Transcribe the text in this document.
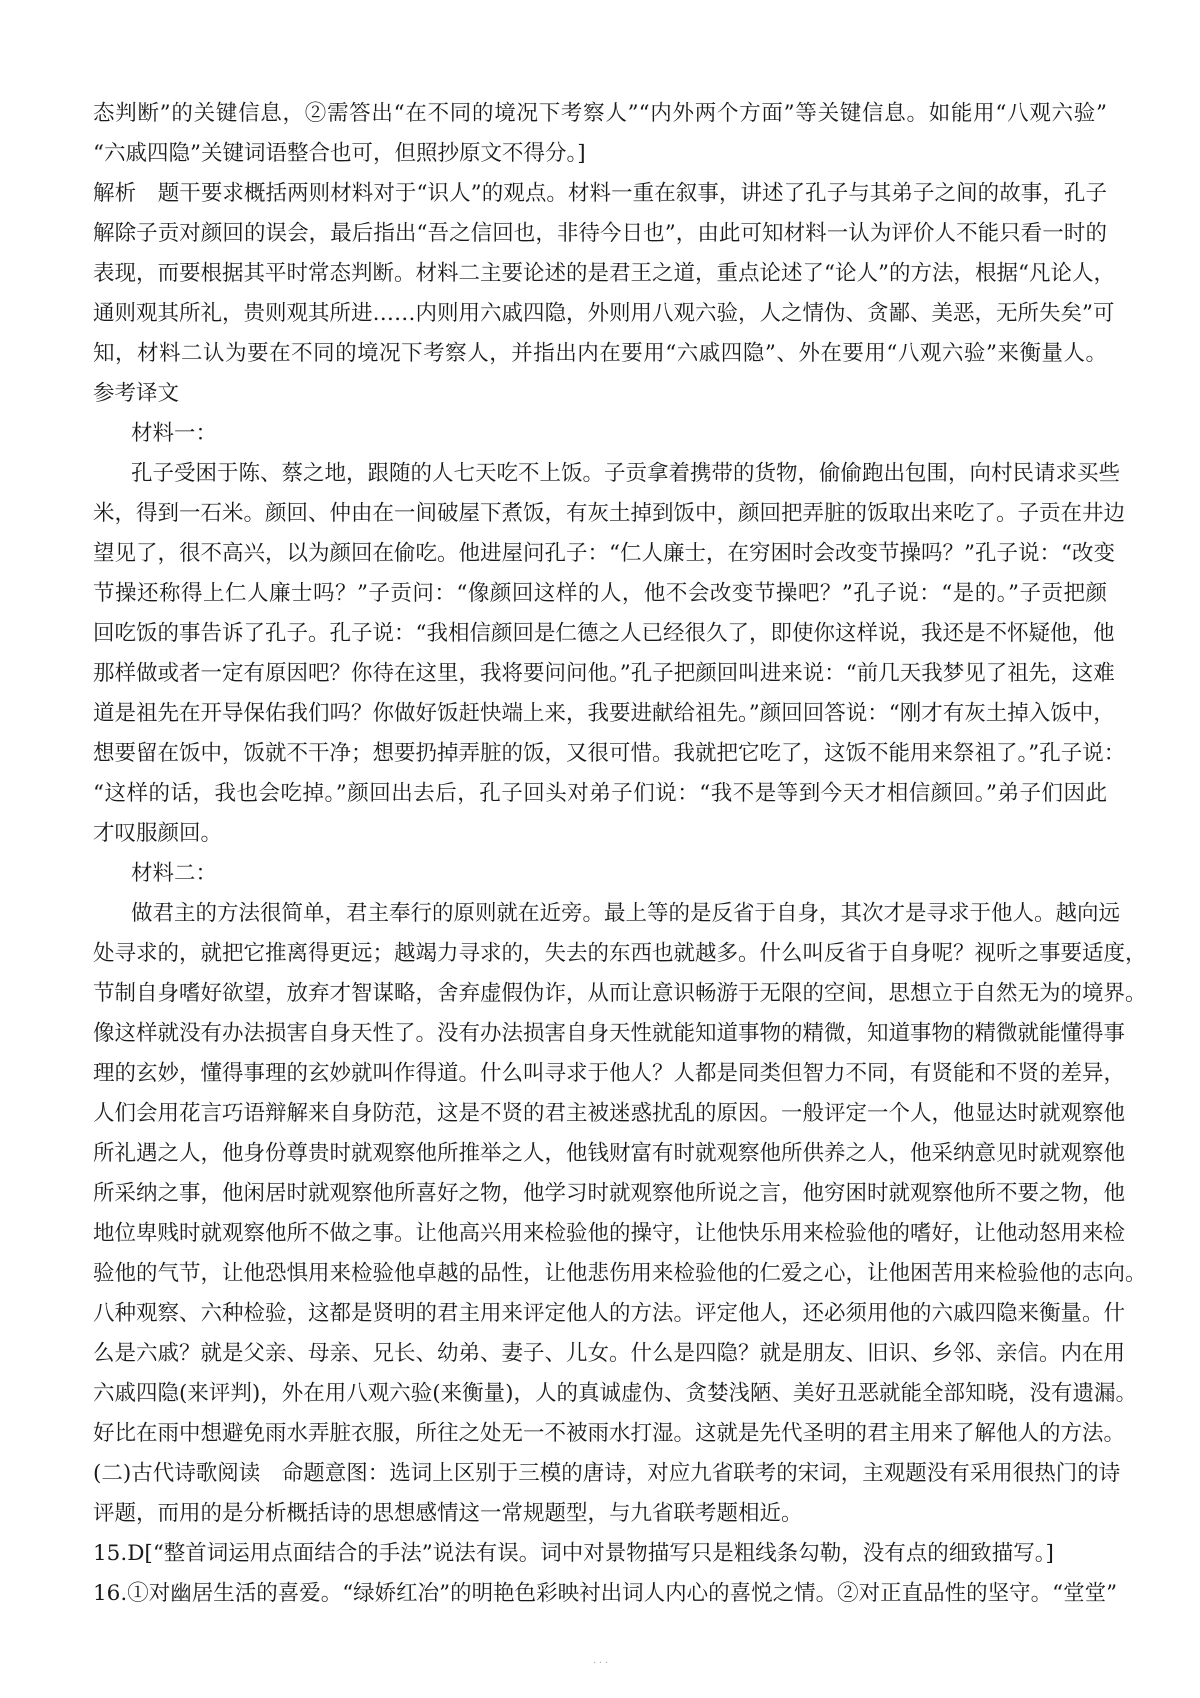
态判断”的关键信息，②需答出“在不同的境况下考察人”“内外两个方面”等关键信息。如能用“八观六验”

“六戚四隐”关键词语整合也可，但照抄原文不得分。]

解析　题干要求概括两则材料对于“识人”的观点。材料一重在叙事，讲述了孔子与其弟子之间的故事，孔子

解除子贡对颜回的误会，最后指出“吾之信回也，非待今日也”，由此可知材料一认为评价人不能只看一时的

表现，而要根据其平时常态判断。材料二主要论述的是君王之道，重点论述了“论人”的方法，根据“凡论人，

通则观其所礼，贵则观其所进……内则用六戚四隐，外则用八观六验，人之情伪、贪鄙、美恶，无所失矣”可

知，材料二认为要在不同的境况下考察人，并指出内在要用“六戚四隐”、外在要用“八观六验”来衡量人。

参考译文

材料一：

孔子受困于陈、蔡之地，跟随的人七天吃不上饭。子贡拿着携带的货物，偷偷跑出包围，向村民请求买些

米，得到一石米。颜回、仲由在一间破屋下煮饭，有灰土掉到饭中，颜回把弄脏的饭取出来吃了。子贡在井边

望见了，很不高兴，以为颜回在偷吃。他进屋问孔子：“仁人廉士，在穷困时会改变节操吗？”孔子说：“改变

节操还称得上仁人廉士吗？”子贡问：“像颜回这样的人，他不会改变节操吧？”孔子说：“是的。”子贡把颜

回吃饭的事告诉了孔子。孔子说：“我相信颜回是仁德之人已经很久了，即使你这样说，我还是不怀疑他，他

那样做或者一定有原因吧？你待在这里，我将要问问他。”孔子把颜回叫进来说：“前几天我梦见了祖先，这难

道是祖先在开导保佑我们吗？你做好饭赶快端上来，我要进献给祖先。”颜回回答说：“刚才有灰土掉入饭中，

想要留在饭中，饭就不干净；想要扔掉弄脏的饭，又很可惜。我就把它吃了，这饭不能用来祭祖了。”孔子说：

“这样的话，我也会吃掉。”颜回出去后，孔子回头对弟子们说：“我不是等到今天才相信颜回。”弟子们因此

才叹服颜回。

材料二：

做君主的方法很简单，君主奉行的原则就在近旁。最上等的是反省于自身，其次才是寻求于他人。越向远

处寻求的，就把它推离得更远；越竭力寻求的，失去的东西也就越多。什么叫反省于自身呢？视听之事要适度，

节制自身嗜好欲望，放弃才智谋略，舍弃虚假伪诈，从而让意识畅游于无限的空间，思想立于自然无为的境界。

像这样就没有办法损害自身天性了。没有办法损害自身天性就能知道事物的精微，知道事物的精微就能懂得事

理的玄妙，懂得事理的玄妙就叫作得道。什么叫寻求于他人？人都是同类但智力不同，有贤能和不贤的差异，

人们会用花言巧语辩解来自身防范，这是不贤的君主被迷惑扰乱的原因。一般评定一个人，他显达时就观察他

所礼遇之人，他身份尊贵时就观察他所推举之人，他钱财富有时就观察他所供养之人，他采纳意见时就观察他

所采纳之事，他闲居时就观察他所喜好之物，他学习时就观察他所说之言，他穷困时就观察他所不要之物，他

地位卑贱时就观察他所不做之事。让他高兴用来检验他的操守，让他快乐用来检验他的嗜好，让他动怒用来检

验他的气节，让他恐惧用来检验他卓越的品性，让他悲伤用来检验他的仁爱之心，让他困苦用来检验他的志向。

八种观察、六种检验，这都是贤明的君主用来评定他人的方法。评定他人，还必须用他的六戚四隐来衡量。什

么是六戚？就是父亲、母亲、兄长、幼弟、妻子、儿女。什么是四隐？就是朋友、旧识、乡邻、亲信。内在用

六戚四隐(来评判)，外在用八观六验(来衡量)，人的真诚虚伪、贪婪浅陋、美好丑恶就能全部知晓，没有遗漏。

好比在雨中想避免雨水弄脏衣服，所往之处无一不被雨水打湿。这就是先代圣明的君主用来了解他人的方法。

(二)古代诗歌阅读　命题意图：选词上区别于三模的唐诗，对应九省联考的宋词，主观题没有采用很热门的诗

评题，而用的是分析概括诗的思想感情这一常规题型，与九省联考题相近。

15.D[“整首词运用点面结合的手法”说法有误。词中对景物描写只是粗线条勾勒，没有点的细致描写。]

16.①对幽居生活的喜爱。“绿娇红冶”的明艳色彩映衬出词人内心的喜悦之情。②对正直品性的坚守。“堂堂”

．．．
